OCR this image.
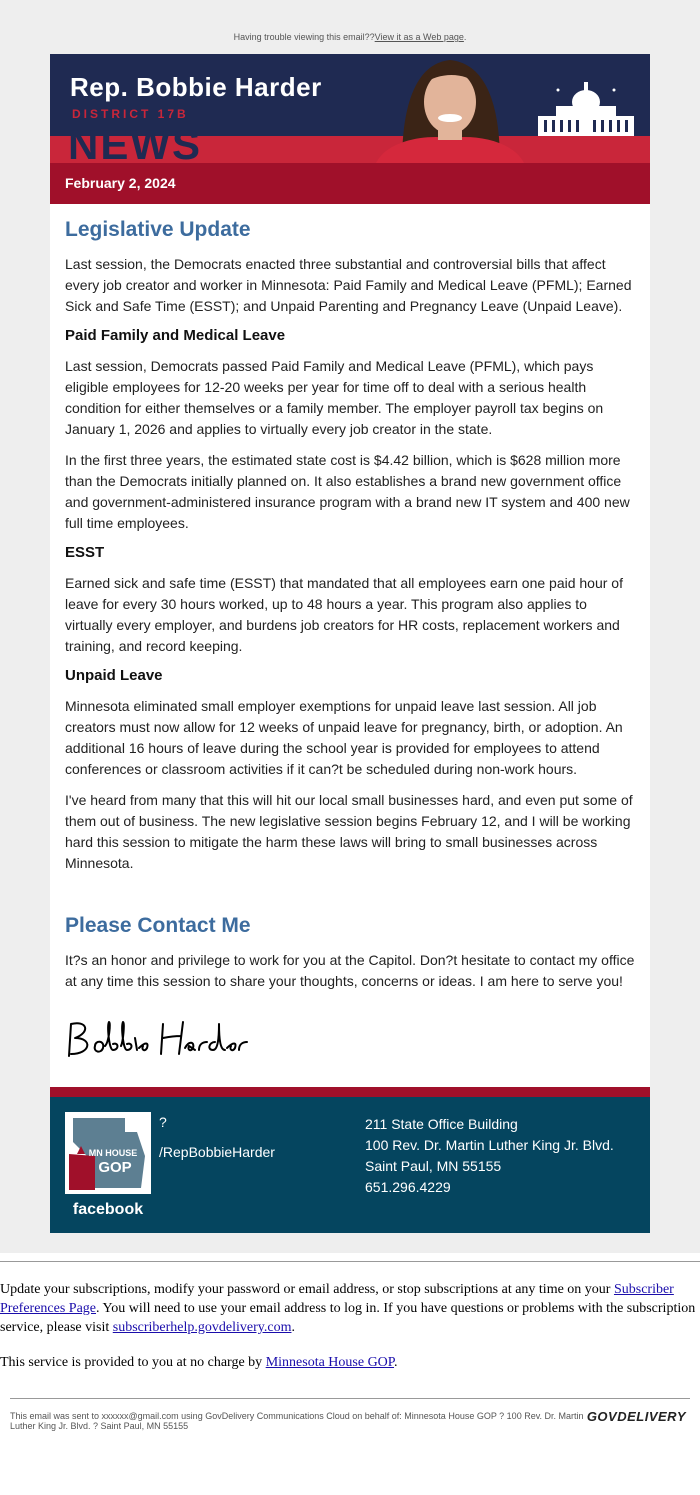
Having trouble viewing this email??View it as a Web page.
Rep. Bobbie Harder
DISTRICT 17B
NEWS
February 2, 2024
Legislative Update

Last session, the Democrats enacted three substantial and controversial bills that affect every job creator and worker in Minnesota: Paid Family and Medical Leave (PFML); Earned Sick and Safe Time (ESST); and Unpaid Parenting and Pregnancy Leave (Unpaid Leave).

Paid Family and Medical Leave

Last session, Democrats passed Paid Family and Medical Leave (PFML), which pays eligible employees for 12-20 weeks per year for time off to deal with a serious health condition for either themselves or a family member. The employer payroll tax begins on January 1, 2026 and applies to virtually every job creator in the state.

In the first three years, the estimated state cost is $4.42 billion, which is $628 million more than the Democrats initially planned on. It also establishes a brand new government office and government-administered insurance program with a brand new IT system and 400 new full time employees.

ESST

Earned sick and safe time (ESST) that mandated that all employees earn one paid hour of leave for every 30 hours worked, up to 48 hours a year. This program also applies to virtually every employer, and burdens job creators for HR costs, replacement workers and training, and record keeping.

Unpaid Leave

Minnesota eliminated small employer exemptions for unpaid leave last session. All job creators must now allow for 12 weeks of unpaid leave for pregnancy, birth, or adoption. An additional 16 hours of leave during the school year is provided for employees to attend conferences or classroom activities if it can?t be scheduled during non-work hours.

I've heard from many that this will hit our local small businesses hard, and even put some of them out of business. The new legislative session begins February 12, and I will be working hard this session to mitigate the harm these laws will bring to small businesses across Minnesota.

Please Contact Me

It?s an honor and privilege to work for you at the Capitol. Don?t hesitate to contact my office at any time this session to share your thoughts, concerns or ideas. I am here to serve you!

MN HOUSE
GOP
facebook
?
/RepBobbieHarder
211 State Office Building
100 Rev. Dr. Martin Luther King Jr. Blvd.
Saint Paul, MN 55155
651.296.4229

Update your subscriptions, modify your password or email address, or stop subscriptions at any time on your Subscriber Preferences Page. You will need to use your email address to log in. If you have questions or problems with the subscription service, please visit subscriberhelp.govdelivery.com.

This service is provided to you at no charge by Minnesota House GOP.

This email was sent to xxxxxx@gmail.com using GovDelivery Communications Cloud on behalf of: Minnesota House GOP ? 100 Rev. Dr. Martin Luther King Jr. Blvd. ? Saint Paul, MN 55155
GOVDELIVERY
